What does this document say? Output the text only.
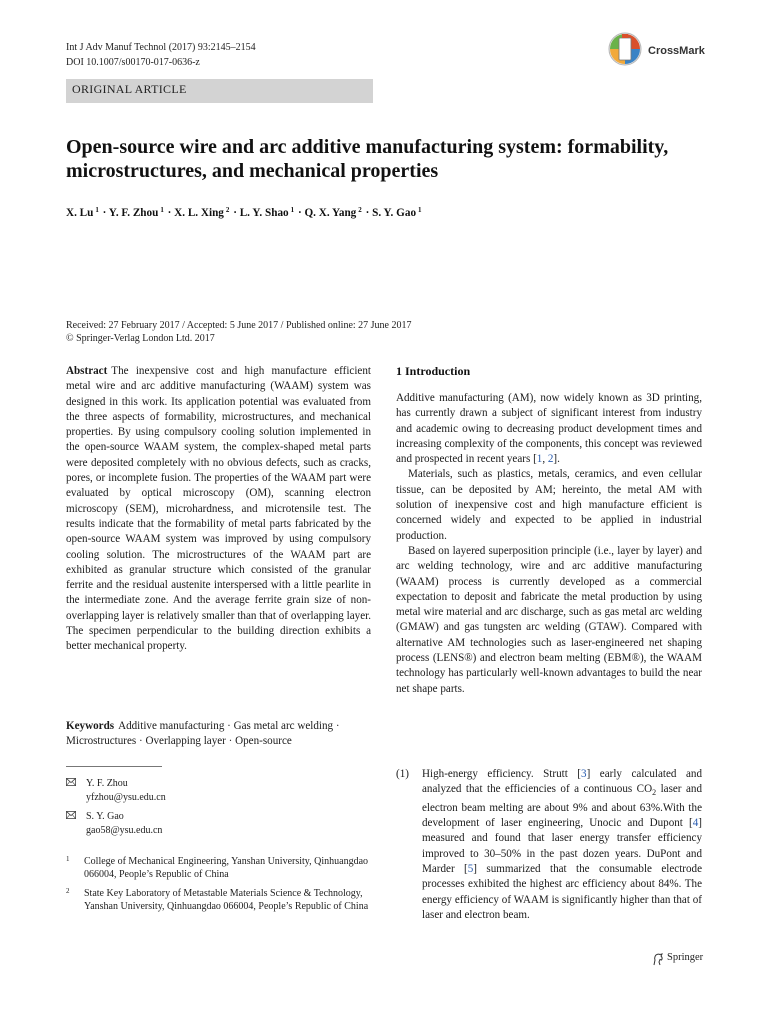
Int J Adv Manuf Technol (2017) 93:2145–2154
DOI 10.1007/s00170-017-0636-z
CrossMark
ORIGINAL ARTICLE
Open-source wire and arc additive manufacturing system: formability, microstructures, and mechanical properties
X. Lu $^1$ · Y. F. Zhou $^1$ · X. L. Xing $^2$ · L. Y. Shao $^1$ · Q. X. Yang $^2$ · S. Y. Gao $^1$
Received: 27 February 2017 / Accepted: 5 June 2017 / Published online: 27 June 2017
© Springer-Verlag London Ltd. 2017

Abstract The inexpensive cost and high manufacture efficient metal wire and arc additive manufacturing (WAAM) system was designed in this work. Its application potential was evaluated from the three aspects of formability, microstructures, and mechanical properties. By using compulsory cooling solution implemented in the open-source WAAM system, the complex-shaped metal parts were deposited completely with no obvious defects, such as cracks, pores, or incomplete fusion. The properties of the WAAM part were evaluated by optical microscopy (OM), scanning electron microscopy (SEM), microhardness, and microtensile test. The results indicate that the formability of metal parts fabricated by the open-source WAAM system was improved by using compulsory cooling solution. The microstructures of the WAAM part are exhibited as granular structure which consisted of the granular ferrite and the residual austenite interspersed with a little pearlite in the intermediate zone. And the average ferrite grain size of non-overlapping layer is relatively smaller than that of overlapping layer. The specimen perpendicular to the building direction exhibits a better mechanical property.

Keywords Additive manufacturing · Gas metal arc welding · Microstructures · Overlapping layer · Open-source

Y. F. Zhou
yfzhou@ysu.edu.cn
S. Y. Gao
gao58@ysu.edu.cn
1 College of Mechanical Engineering, Yanshan University, Qinhuangdao 066004, People’s Republic of China
2 State Key Laboratory of Metastable Materials Science & Technology, Yanshan University, Qinhuangdao 066004, People’s Republic of China
1 Introduction

Additive manufacturing (AM), now widely known as 3D printing, has currently drawn a subject of significant interest from industry and academic owing to decreasing product development times and increasing complexity of the components, this concept was reviewed and prospected in recent years [1, 2].

Materials, such as plastics, metals, ceramics, and even cellular tissue, can be deposited by AM; hereinto, the metal AM with solution of inexpensive cost and high manufacture efficient is concerned widely and expected to be applied in industrial production.

Based on layered superposition principle (i.e., layer by layer) and arc welding technology, wire and arc additive manufacturing (WAAM) process is currently developed as a commercial expectation to deposit and fabricate the metal production by using metal wire material and arc discharge, such as gas metal arc welding (GMAW) and gas tungsten arc welding (GTAW). Compared with alternative AM technologies such as laser-engineered net shaping process (LENS®) and electron beam melting (EBM®), the WAAM technology has particularly well-known advantages to build the near net shape parts.

(1) High-energy efficiency. Strutt [3] early calculated and analyzed that the efficiencies of a continuous $CO_2$ laser and electron beam melting are about 9% and about 63%.With the development of laser engineering, Unocic and Dupont [4] measured and found that laser energy transfer efficiency improved to 30–50% in the past dozen years. DuPont and Marder [5] summarized that the consumable electrode processes exhibited the highest arc efficiency about 84%. The energy efficiency of WAAM is significantly higher than that of laser and electron beam.
Springer
